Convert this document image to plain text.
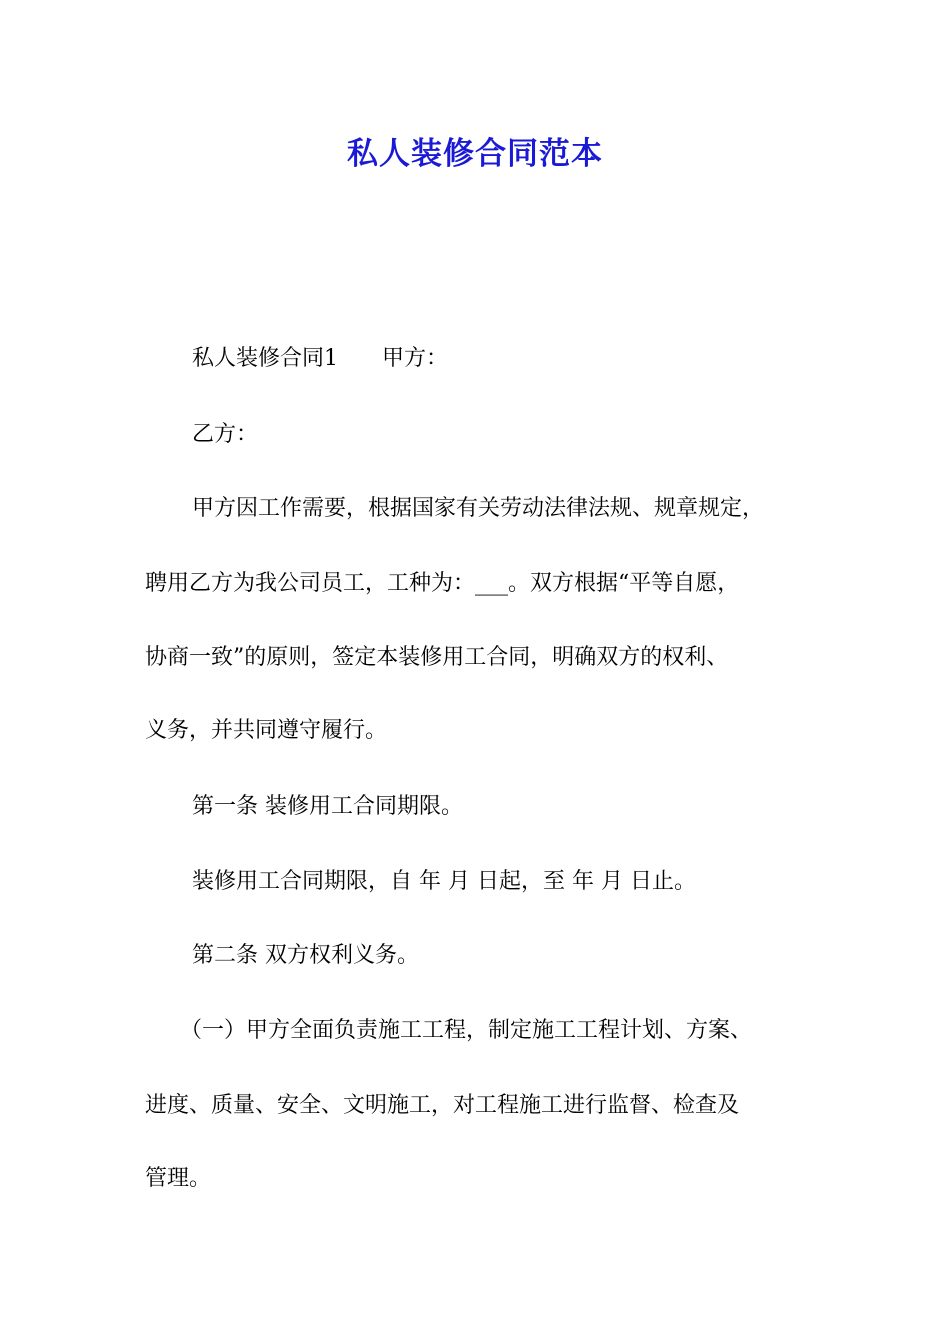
私人装修合同范本
私人装修合同1 甲方：
乙方：
甲方因工作需要，根据国家有关劳动法律法规、规章规定，
聘用乙方为我公司员工，工种为：___。双方根据“平等自愿，
协商一致”的原则，签定本装修用工合同，明确双方的权利、
义务，并共同遵守履行。
第一条 装修用工合同期限。
装修用工合同期限，自 年 月 日起，至 年 月 日止。
第二条 双方权利义务。
（一）甲方全面负责施工工程，制定施工工程计划、方案、
进度、质量、安全、文明施工，对工程施工进行监督、检查及
管理。
